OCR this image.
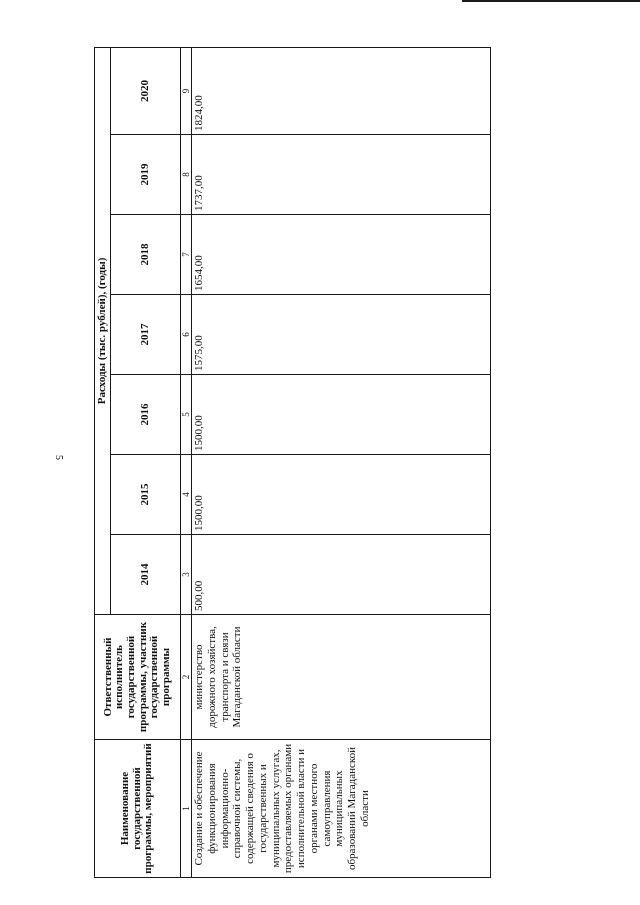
5
Наименование государственной программы, мероприятий	Ответственный исполнитель государственной программы, участник государственной программы	Расходы (тыс. рублей), (годы)						
		2014	2015	2016	2017	2018	2019	2020
1	2	3	4	5	6	7	8	9
Создание и обеспечение функционирования информационно-справочной системы, содержащей сведения о государственных и муниципальных услугах, предоставляемых органами исполнительной власти и органами местного самоуправления муниципальных образований Магаданской области	министерство дорожного хозяйства, транспорта и связи Магаданской области	500,00	1500,00	1500,00	1575,00	1654,00	1737,00	1824,00
